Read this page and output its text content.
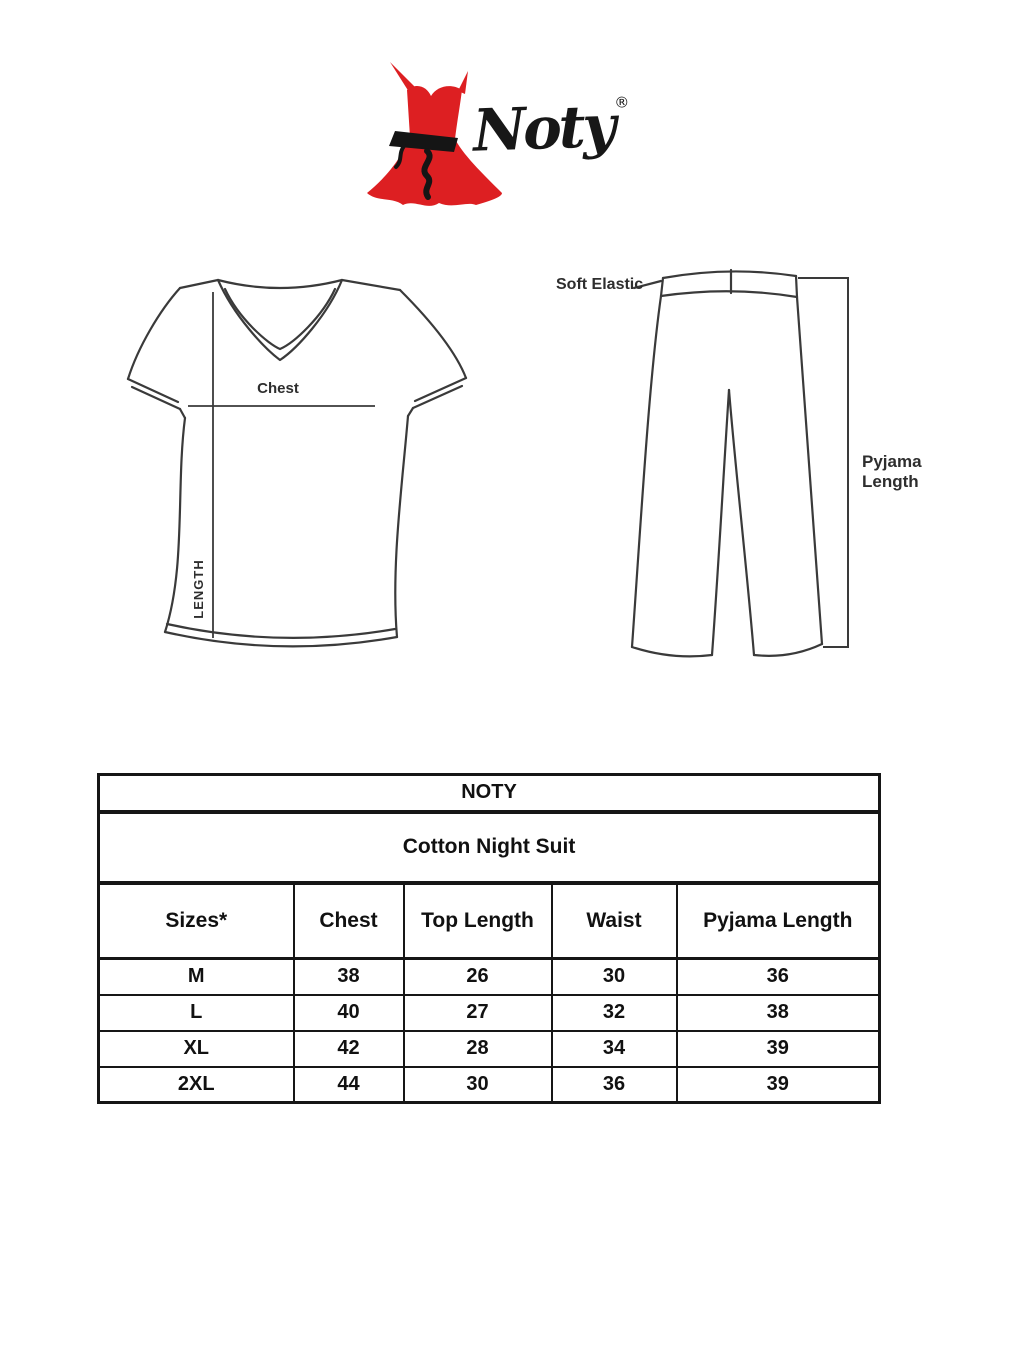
Noty®
Chest
LENGTH
Soft Elastic
Pyjama
Length
NOTY				
Cotton Night Suit				
Sizes*	Chest	Top Length	Waist	Pyjama Length
M	38	26	30	36
L	40	27	32	38
XL	42	28	34	39
2XL	44	30	36	39
